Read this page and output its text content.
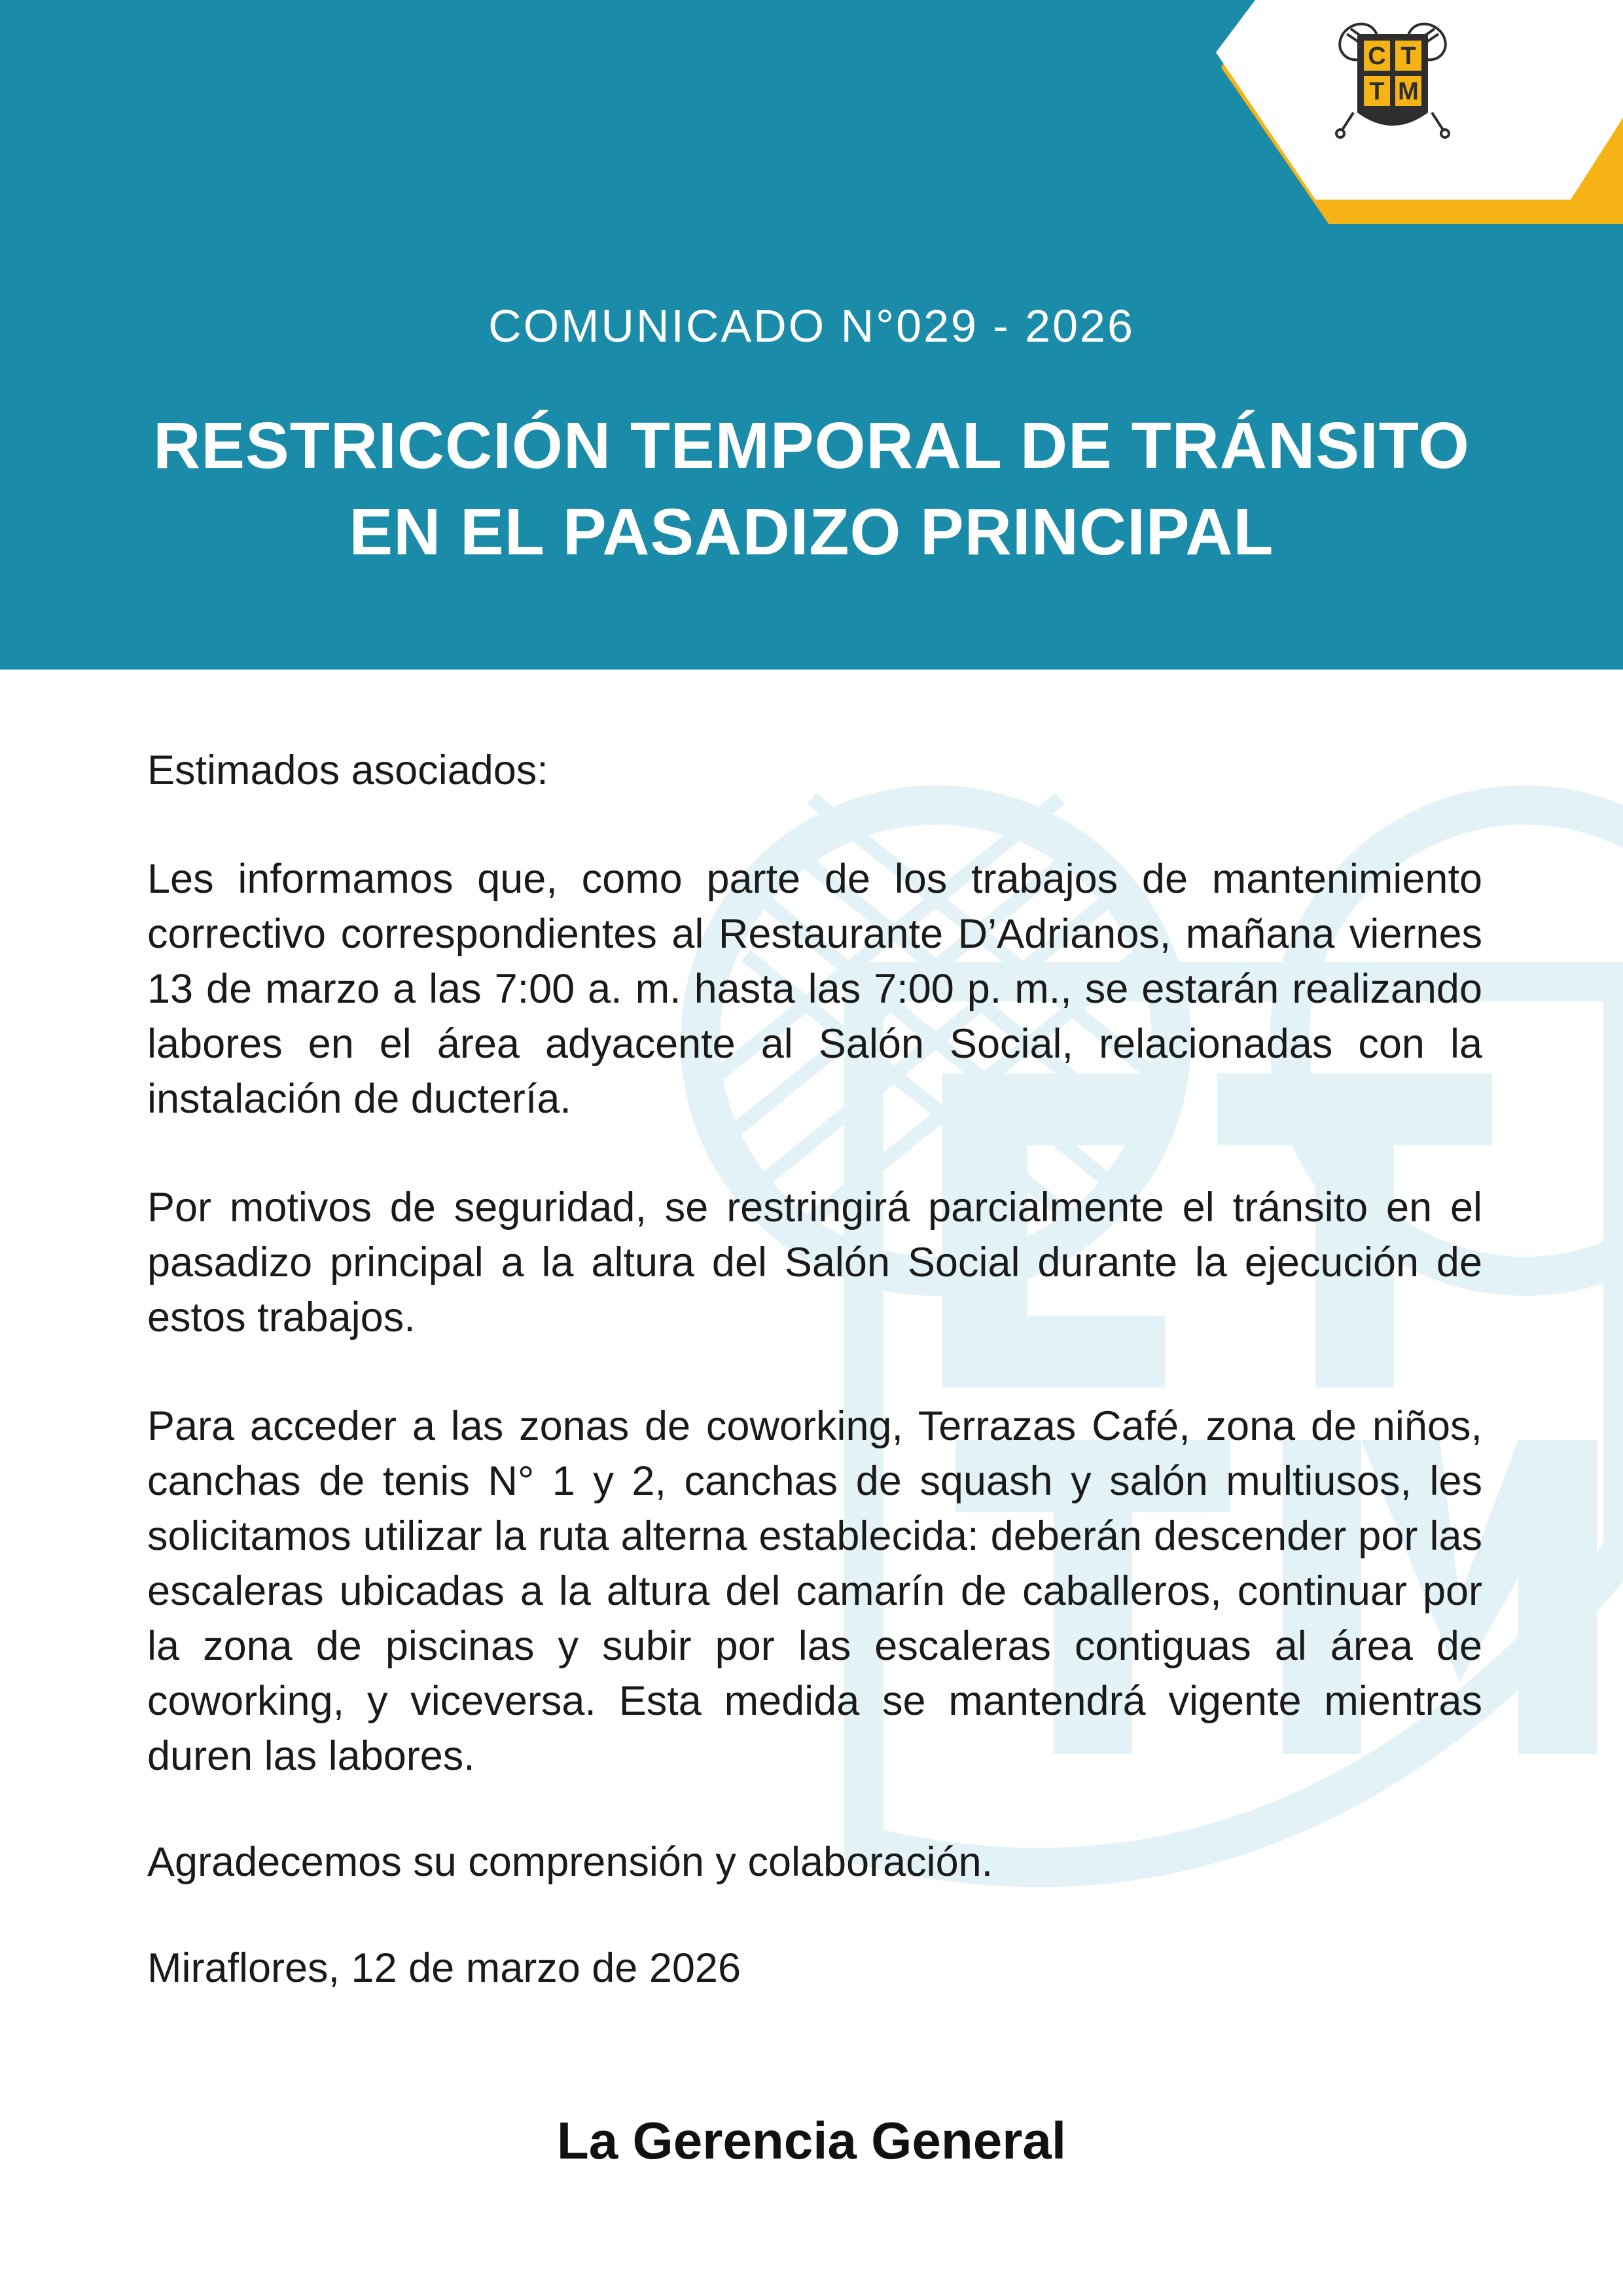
C T
T M
COMUNICADO N°029 - 2026
RESTRICCIÓN TEMPORAL DE TRÁNSITO
EN EL PASADIZO PRINCIPAL

Estimados asociados:

Les informamos que, como parte de los trabajos de mantenimiento correctivo correspondientes al Restaurante D’Adrianos, mañana viernes 13 de marzo a las 7:00 a. m. hasta las 7:00 p. m., se estarán realizando labores en el área adyacente al Salón Social, relacionadas con la instalación de ductería.

Por motivos de seguridad, se restringirá parcialmente el tránsito en el pasadizo principal a la altura del Salón Social durante la ejecución de estos trabajos.

Para acceder a las zonas de coworking, Terrazas Café, zona de niños, canchas de tenis N° 1 y 2, canchas de squash y salón multiusos, les solicitamos utilizar la ruta alterna establecida: deberán descender por las escaleras ubicadas a la altura del camarín de caballeros, continuar por la zona de piscinas y subir por las escaleras contiguas al área de coworking, y viceversa. Esta medida se mantendrá vigente mientras duren las labores.

Agradecemos su comprensión y colaboración.

Miraflores, 12 de marzo de 2026

La Gerencia General
